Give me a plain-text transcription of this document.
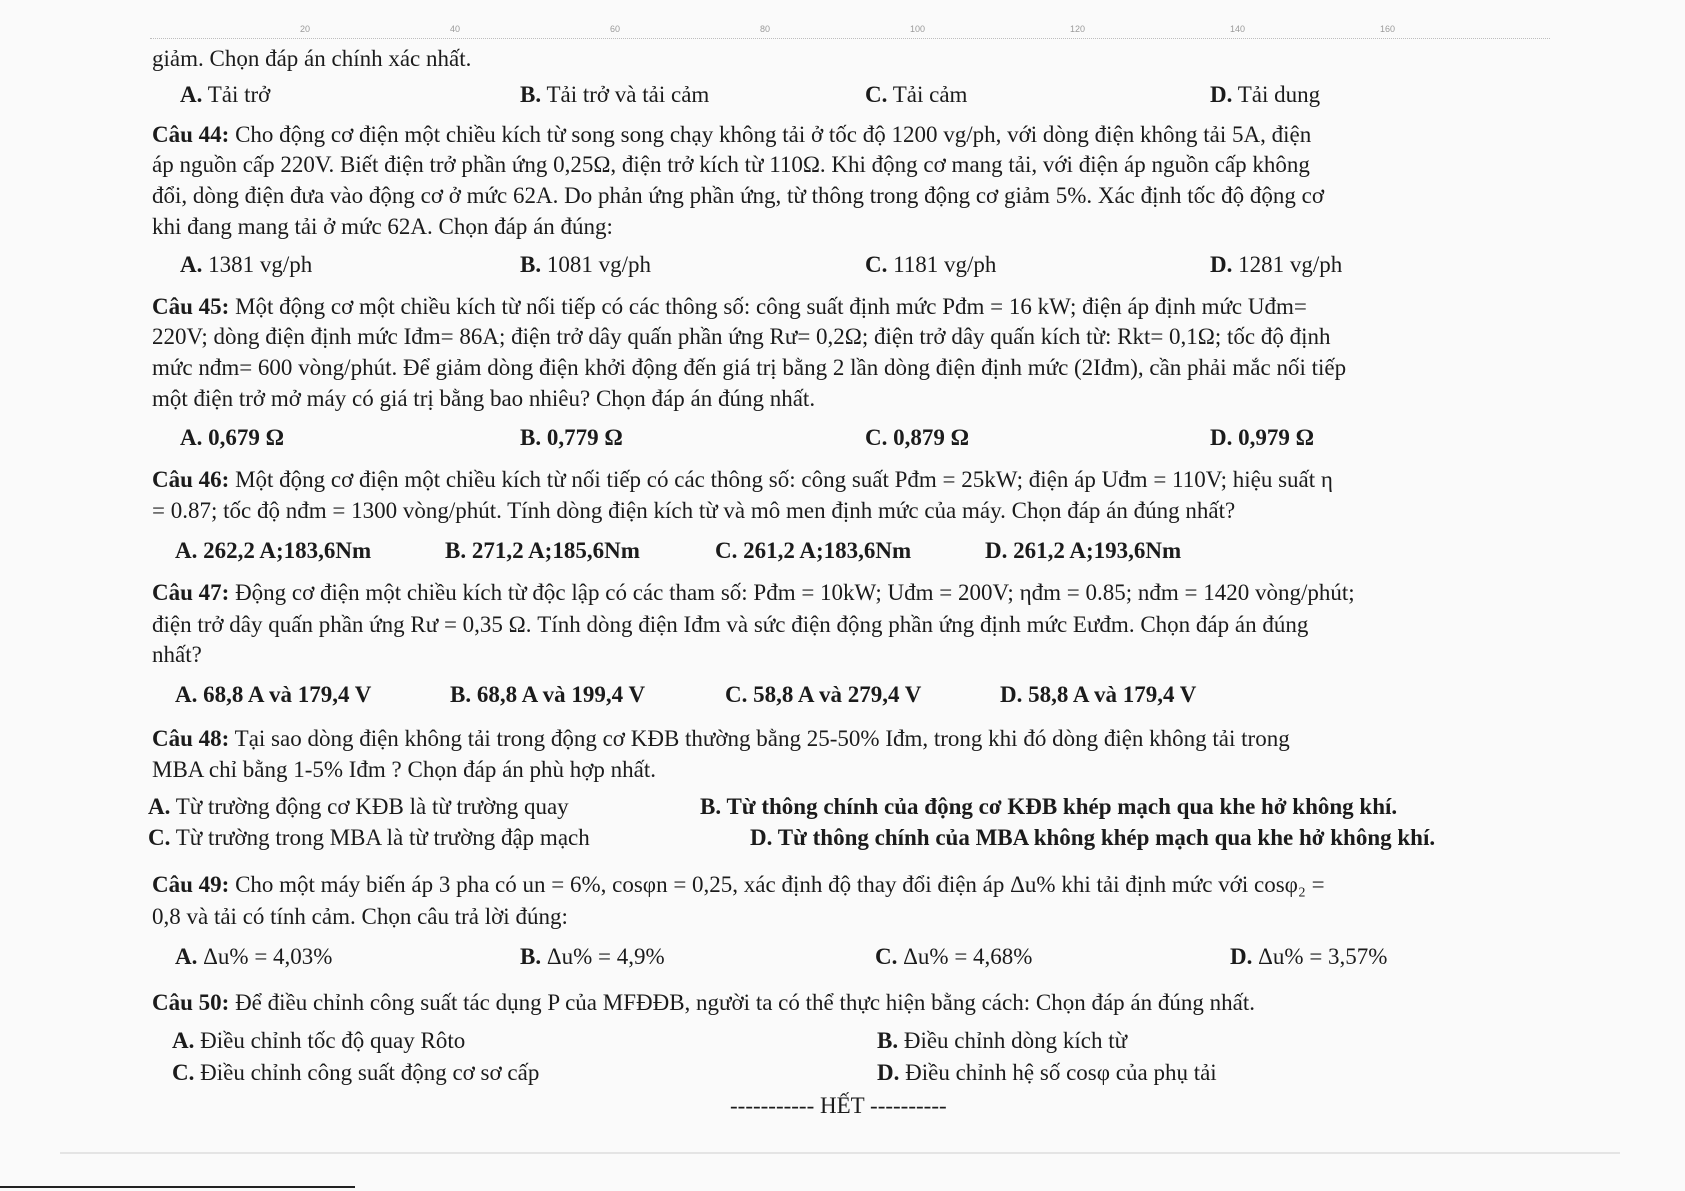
20	40	60	80	100	120	140	160
giảm. Chọn đáp án chính xác nhất.
A. Tải trở	B. Tải trở và tải cảm	C. Tải cảm	D. Tải dung
Câu 44: Cho động cơ điện một chiều kích từ song song chạy không tải ở tốc độ 1200 vg/ph, với dòng điện không tải 5A, điện
áp nguồn cấp 220V. Biết điện trở phần ứng 0,25Ω, điện trở kích từ 110Ω. Khi động cơ mang tải, với điện áp nguồn cấp không
đổi, dòng điện đưa vào động cơ ở mức 62A. Do phản ứng phần ứng, từ thông trong động cơ giảm 5%. Xác định tốc độ động cơ
khi đang mang tải ở mức 62A. Chọn đáp án đúng:
A. 1381 vg/ph	B. 1081 vg/ph	C. 1181 vg/ph	D. 1281 vg/ph
Câu 45: Một động cơ một chiều kích từ nối tiếp có các thông số: công suất định mức Pđm = 16 kW; điện áp định mức Uđm=
220V; dòng điện định mức Iđm= 86A; điện trở dây quấn phần ứng Rư= 0,2Ω; điện trở dây quấn kích từ: Rkt= 0,1Ω; tốc độ định
mức nđm= 600 vòng/phút. Để giảm dòng điện khởi động đến giá trị bằng 2 lần dòng điện định mức (2Iđm), cần phải mắc nối tiếp
một điện trở mở máy có giá trị bằng bao nhiêu? Chọn đáp án đúng nhất.
A. 0,679 Ω	B. 0,779 Ω	C. 0,879 Ω	D. 0,979 Ω
Câu 46: Một động cơ điện một chiều kích từ nối tiếp có các thông số: công suất Pđm = 25kW; điện áp Uđm = 110V; hiệu suất η
= 0.87; tốc độ nđm = 1300 vòng/phút. Tính dòng điện kích từ và mô men định mức của máy. Chọn đáp án đúng nhất?
A. 262,2 A;183,6Nm	B. 271,2 A;185,6Nm	C. 261,2 A;183,6Nm	D. 261,2 A;193,6Nm
Câu 47: Động cơ điện một chiều kích từ độc lập có các tham số: Pđm = 10kW; Uđm = 200V; ηđm = 0.85; nđm = 1420 vòng/phút;
điện trở dây quấn phần ứng Rư = 0,35 Ω. Tính dòng điện Iđm và sức điện động phần ứng định mức Eưđm. Chọn đáp án đúng
nhất?
A. 68,8 A và 179,4 V	B. 68,8 A và 199,4 V	C. 58,8 A và 279,4 V	D. 58,8 A và 179,4 V
Câu 48: Tại sao dòng điện không tải trong động cơ KĐB thường bằng 25-50% Iđm, trong khi đó dòng điện không tải trong
MBA chỉ bằng 1-5% Iđm ? Chọn đáp án phù hợp nhất.
A. Từ trường động cơ KĐB là từ trường quay	B. Từ thông chính của động cơ KĐB khép mạch qua khe hở không khí.
C. Từ trường trong MBA là từ trường đập mạch	D. Từ thông chính của MBA không khép mạch qua khe hở không khí.
Câu 49: Cho một máy biến áp 3 pha có un = 6%, cosφn = 0,25, xác định độ thay đổi điện áp Δu% khi tải định mức với cosφ₂ =
0,8 và tải có tính cảm. Chọn câu trả lời đúng:
A. Δu% = 4,03%	B. Δu% = 4,9%	C. Δu% = 4,68%	D. Δu% = 3,57%
Câu 50: Để điều chỉnh công suất tác dụng P của MFĐĐB, người ta có thể thực hiện bằng cách: Chọn đáp án đúng nhất.
A. Điều chỉnh tốc độ quay Rôto	B. Điều chỉnh dòng kích từ
C. Điều chỉnh công suất động cơ sơ cấp	D. Điều chỉnh hệ số cosφ của phụ tải
----------- HẾT ----------
